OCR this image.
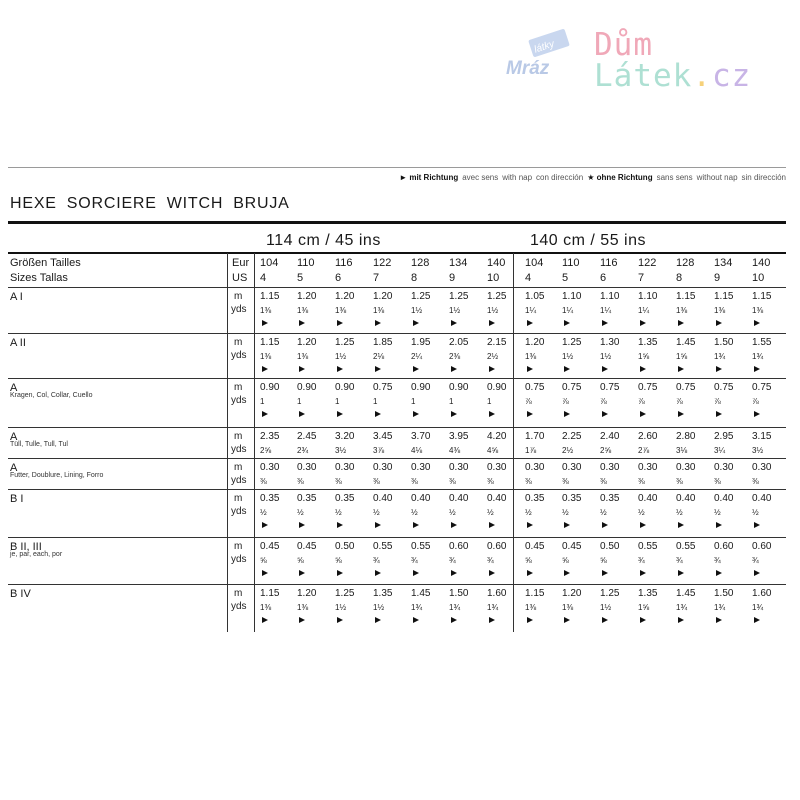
látky
Mráz
Dům Látek.cz
► mit Richtung avec sens with nap con dirección ★ ohne Richtung sans sens without nap sin dirección
HEXE SORCIERE WITCH BRUJA
114 cm / 45 ins	140 cm / 55 ins
Größen Tailles
Sizes Tallas
Eur
US
104 110 116 122 128 134 140 104 110 116 122 128 134 140
4	5	6	7	8	9	10 4	5	6	7	8	9	10
A I	m
yds
1.15 1.20 1.20 1.20 1.25 1.25 1.25 1.05 1.10 1.10 1.10 1.15 1.15 1.15
1⅜	1⅜	1⅜	1⅜	1½	1½	1½	1¼	1¼	1¼	1¼	1⅜	1⅜	1⅜
A II	m
yds
1.15 1.20 1.25 1.85 1.95 2.05 2.15 1.20 1.25 1.30 1.35 1.45 1.50 1.55
1⅜	1⅜	1½	2⅛	2¼	2⅜	2½	1⅜	1½	1½	1⅝	1⅝	1¾	1¾
A
Kragen, Col, Collar, Cuello
m
yds
0.90 0.90 0.90 0.75 0.90 0.90 0.90 0.75 0.75 0.75 0.75 0.75 0.75 0.75
1	1	1	1	1	1	1	⅞	⅞	⅞	⅞	⅞	⅞	⅞
A
Tüll, Tulle, Tull, Tul
m
yds
2.35 2.45 3.20 3.45 3.70 3.95 4.20 1.70 2.25 2.40 2.60 2.80 2.95 3.15
2⅝	2¾	3½	3⅞	4⅛	4⅜	4⅝	1⅞	2½	2⅝	2⅞	3⅛	3¼	3½
A
Futter, Doublure, Lining, Forro
m
yds
0.30 0.30 0.30 0.30 0.30 0.30 0.30 0.30 0.30 0.30 0.30 0.30 0.30 0.30
⅜	⅜	⅜	⅜	⅜	⅜	⅜	⅜	⅜	⅜	⅜	⅜	⅜	⅜
B I	m
yds
0.35 0.35 0.35 0.40 0.40 0.40 0.40 0.35 0.35 0.35 0.40 0.40 0.40 0.40
½	½	½	½	½	½	½	½	½	½	½	½	½	½
B II, III
je, par, each, por
m
yds
0.45 0.45 0.50 0.55 0.55 0.60 0.60 0.45 0.45 0.50 0.55 0.55 0.60 0.60
⅝	⅝	⅝	¾	¾	¾	¾	⅝	⅝	⅝	¾	¾	¾	¾
B IV	m
yds
1.15 1.20 1.25 1.35 1.45 1.50 1.60 1.15 1.20 1.25 1.35 1.45 1.50 1.60
1⅜	1⅜	1½	1½	1¾	1¾	1¾	1⅜	1⅜	1½	1⅝	1¾	1¾	1¾
